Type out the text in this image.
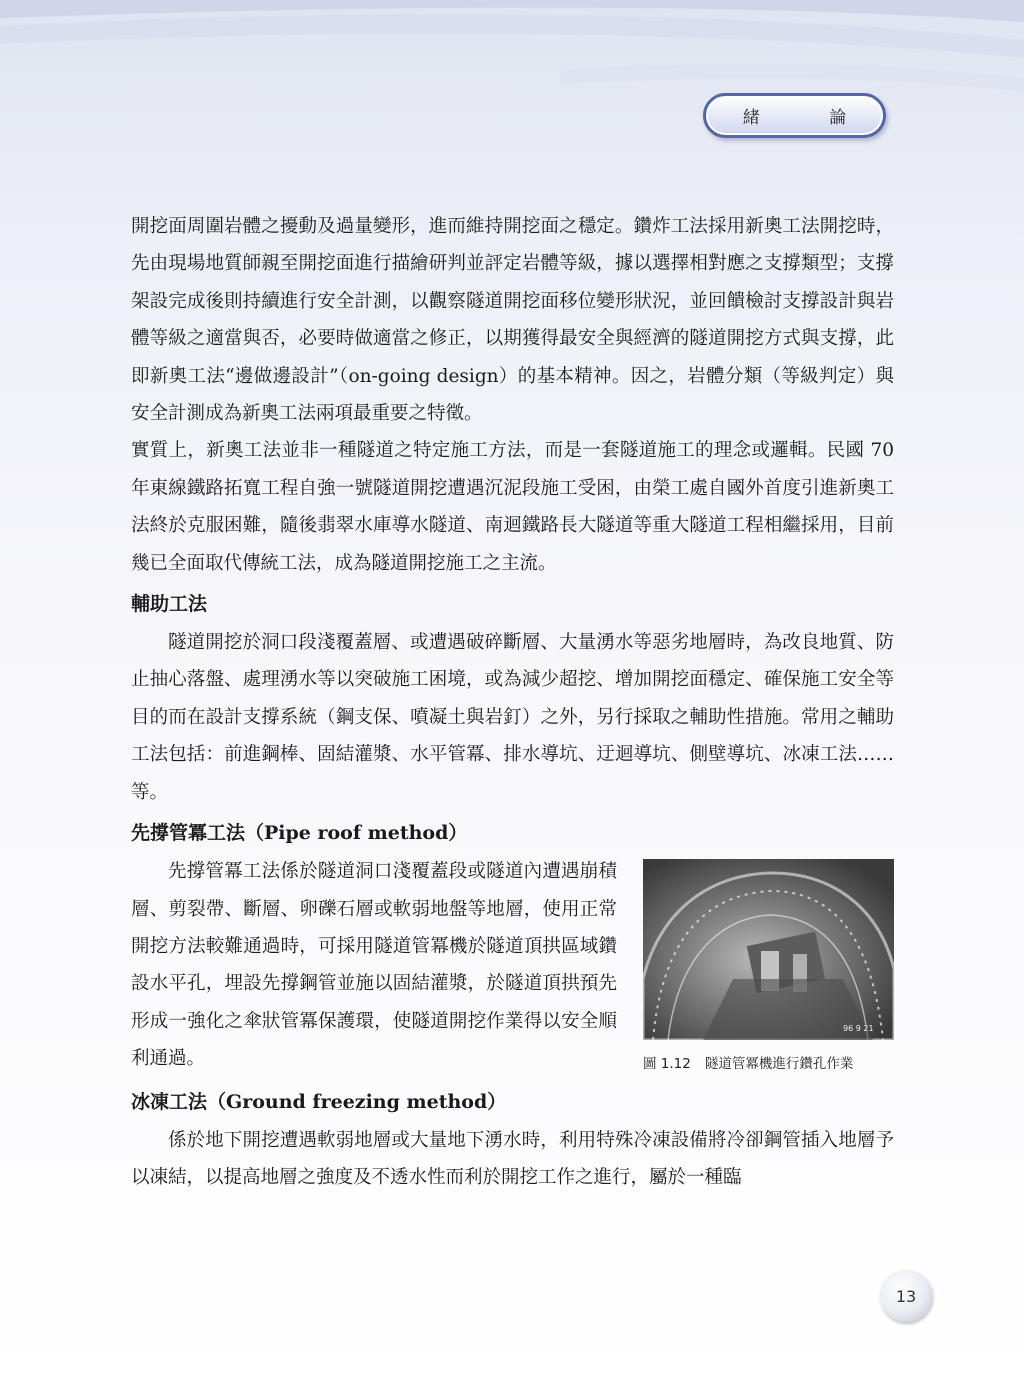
緒 論

開挖面周圍岩體之擾動及過量變形，進而維持開挖面之穩定。鑽炸工法採用新奧工法開挖時，先由現場地質師親至開挖面進行描繪研判並評定岩體等級，據以選擇相對應之支撐類型；支撐架設完成後則持續進行安全計測，以觀察隧道開挖面移位變形狀況，並回饋檢討支撐設計與岩體等級之適當與否，必要時做適當之修正，以期獲得最安全與經濟的隧道開挖方式與支撐，此即新奧工法“邊做邊設計”（on-going design）的基本精神。因之，岩體分類（等級判定）與安全計測成為新奧工法兩項最重要之特徵。

實質上，新奧工法並非一種隧道之特定施工方法，而是一套隧道施工的理念或邏輯。民國 70 年東線鐵路拓寬工程自強一號隧道開挖遭遇沉泥段施工受困，由榮工處自國外首度引進新奧工法終於克服困難，隨後翡翠水庫導水隧道、南迴鐵路長大隧道等重大隧道工程相繼採用，目前幾已全面取代傳統工法，成為隧道開挖施工之主流。

輔助工法

隧道開挖於洞口段淺覆蓋層、或遭遇破碎斷層、大量湧水等惡劣地層時，為改良地質、防止抽心落盤、處理湧水等以突破施工困境，或為減少超挖、增加開挖面穩定、確保施工安全等目的而在設計支撐系統（鋼支保、噴凝土與岩釘）之外，另行採取之輔助性措施。常用之輔助工法包括：前進鋼棒、固結灌漿、水平管冪、排水導坑、迂迴導坑、側壁導坑、冰凍工法……等。

先撐管冪工法（Pipe roof method）
96 9 21
圖 1.12 隧道管冪機進行鑽孔作業

先撐管冪工法係於隧道洞口淺覆蓋段或隧道內遭遇崩積層、剪裂帶、斷層、卵礫石層或軟弱地盤等地層，使用正常開挖方法較難通過時，可採用隧道管冪機於隧道頂拱區域鑽設水平孔，埋設先撐鋼管並施以固結灌漿，於隧道頂拱預先形成一強化之傘狀管冪保護環，使隧道開挖作業得以安全順利通過。

冰凍工法（Ground freezing method）

係於地下開挖遭遇軟弱地層或大量地下湧水時，利用特殊冷凍設備將冷卻鋼管插入地層予以凍結，以提高地層之強度及不透水性而利於開挖工作之進行，屬於一種臨

13
